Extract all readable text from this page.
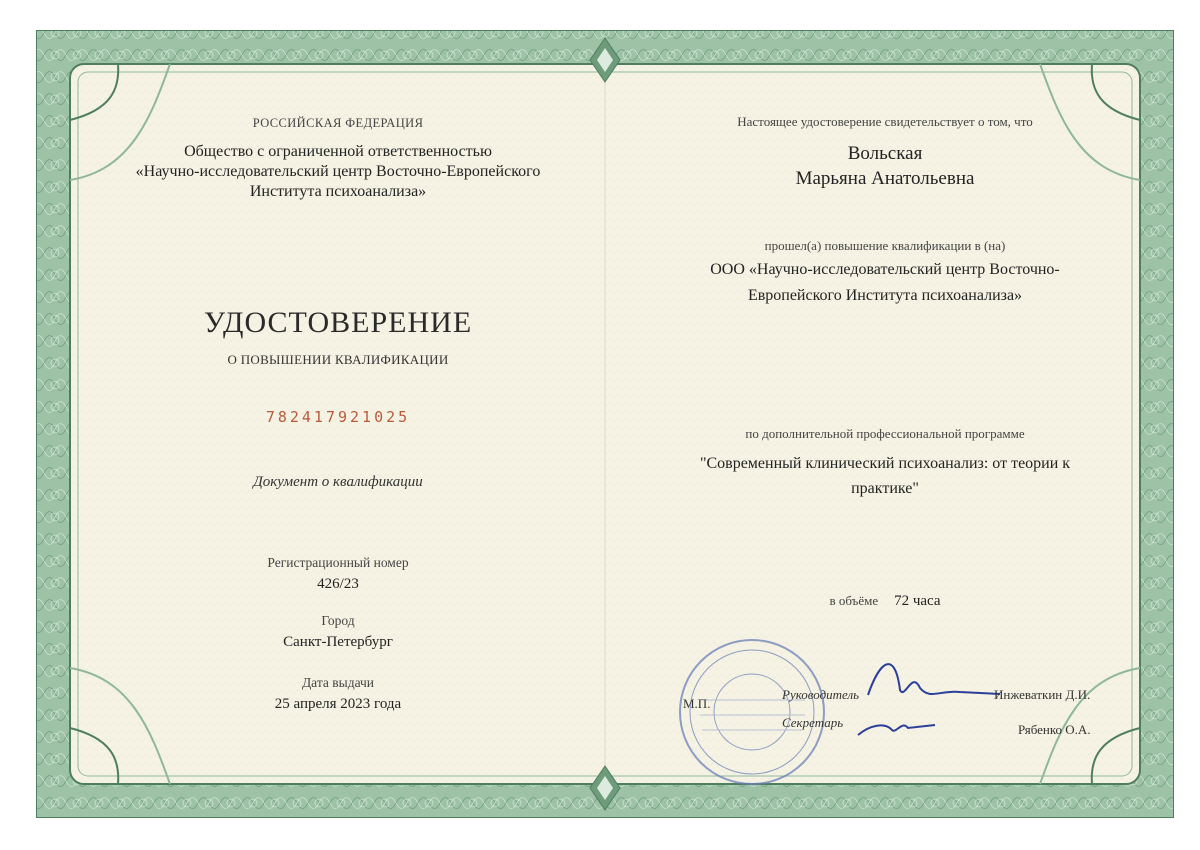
РОССИЙСКАЯ ФЕДЕРАЦИЯ

Общество с ограниченной ответственностью

«Научно-исследовательский центр Восточно-Европейского

Института психоанализа»

УДОСТОВЕРЕНИЕ

О ПОВЫШЕНИИ КВАЛИФИКАЦИИ

782417921025

Документ о квалификации

Регистрационный номер

426/23

Город

Санкт-Петербург

Дата выдачи

25 апреля 2023 года

Настоящее удостоверение свидетельствует о том, что

Вольская

Марьяна Анатольевна

прошел(а) повышение квалификации в (на)

ООО «Научно-исследовательский центр Восточно-

Европейского Института психоанализа»

по дополнительной профессиональной программе

"Современный клинический психоанализ: от теории к

практике"

в объёме 72 часа
М.П.
Руководитель	Инжеваткин Д.И.
Секретарь	Рябенко О.А.
